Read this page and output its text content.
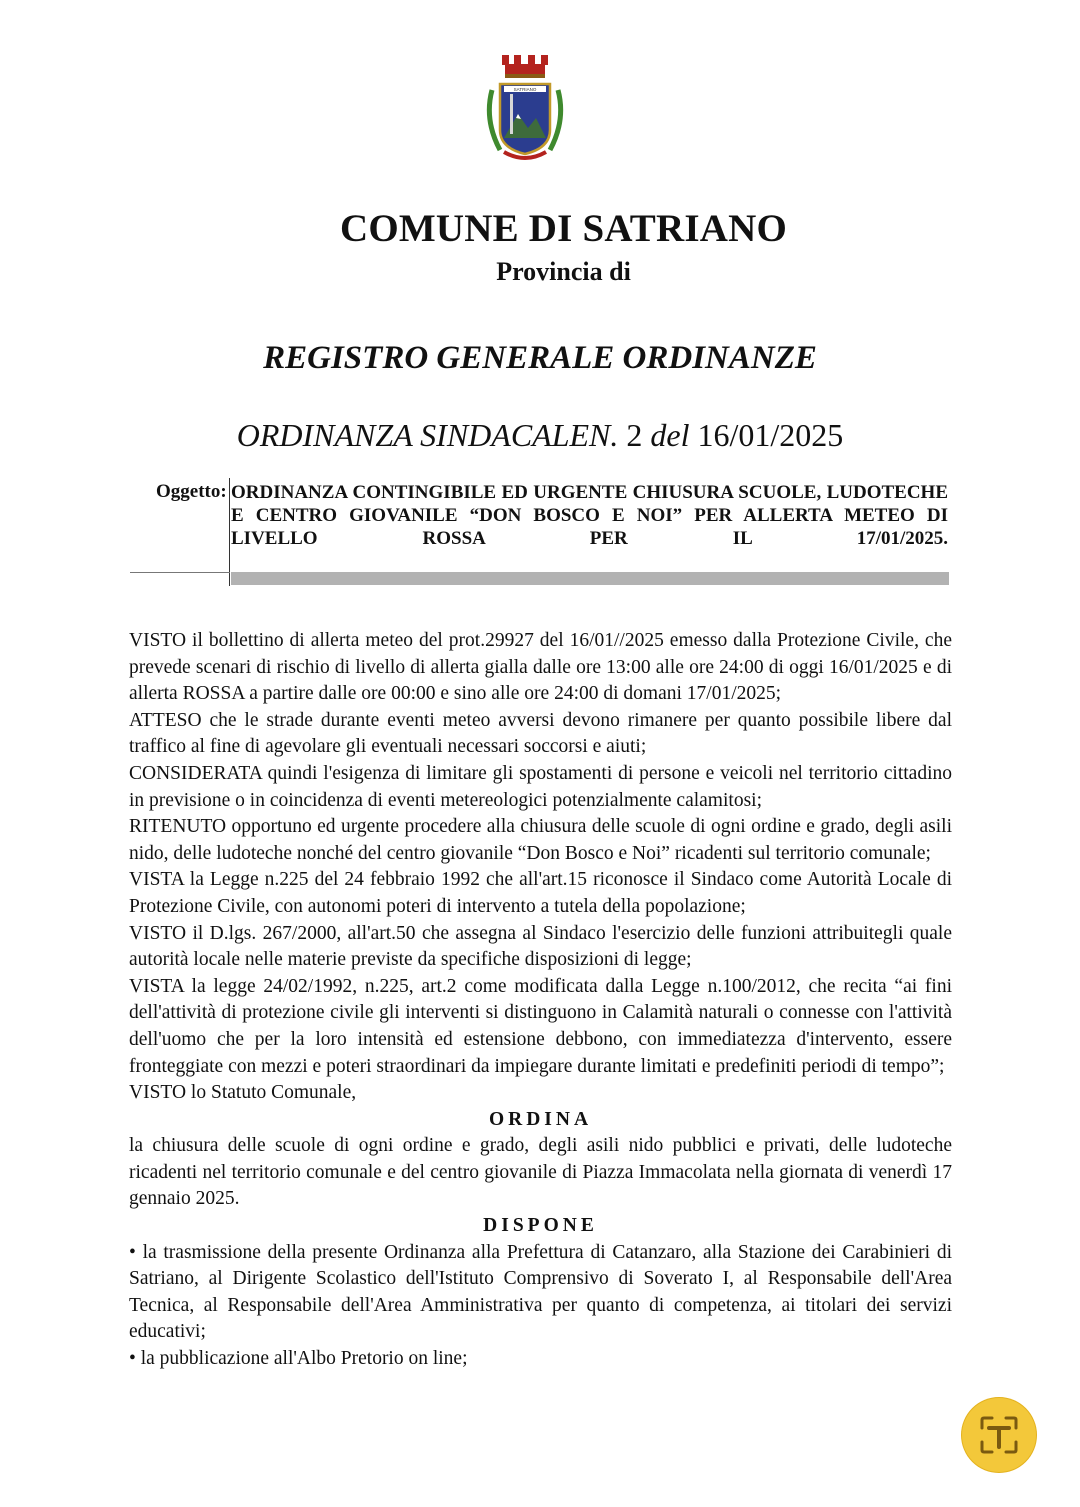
SATRIANO
COMUNE DI SATRIANO
Provincia di
REGISTRO GENERALE ORDINANZE
ORDINANZA SINDACALEN. 2 del 16/01/2025
Oggetto: ORDINANZA CONTINGIBILE ED URGENTE CHIUSURA SCUOLE, LUDOTECHE E CENTRO GIOVANILE “DON BOSCO E NOI” PER ALLERTA METEO DI LIVELLO ROSSA PER IL 17/01/2025.

VISTO il bollettino di allerta meteo del prot.29927 del 16/01//2025 emesso dalla Protezione Civile, che prevede scenari di rischio di livello di allerta gialla dalle ore 13:00 alle ore 24:00 di oggi 16/01/2025 e di allerta ROSSA a partire dalle ore 00:00 e sino alle ore 24:00 di domani 17/01/2025;

ATTESO che le strade durante eventi meteo avversi devono rimanere per quanto possibile libere dal traffico al fine di agevolare gli eventuali necessari soccorsi e aiuti;

CONSIDERATA quindi l'esigenza di limitare gli spostamenti di persone e veicoli nel territorio cittadino in previsione o in coincidenza di eventi metereologici potenzialmente calamitosi;

RITENUTO opportuno ed urgente procedere alla chiusura delle scuole di ogni ordine e grado, degli asili nido, delle ludoteche nonché del centro giovanile “Don Bosco e Noi” ricadenti sul territorio comunale;

VISTA la Legge n.225 del 24 febbraio 1992 che all'art.15 riconosce il Sindaco come Autorità Locale di Protezione Civile, con autonomi poteri di intervento a tutela della popolazione;

VISTO il D.lgs. 267/2000, all'art.50 che assegna al Sindaco l'esercizio delle funzioni attribuitegli quale autorità locale nelle materie previste da specifiche disposizioni di legge;

VISTA la legge 24/02/1992, n.225, art.2 come modificata dalla Legge n.100/2012, che recita “ai fini dell'attività di protezione civile gli interventi si distinguono in Calamità naturali o connesse con l'attività dell'uomo che per la loro intensità ed estensione debbono, con immediatezza d'intervento, essere fronteggiate con mezzi e poteri straordinari da impiegare durante limitati e predefiniti periodi di tempo”;

VISTO lo Statuto Comunale,

ORDINA

la chiusura delle scuole di ogni ordine e grado, degli asili nido pubblici e privati, delle ludoteche ricadenti nel territorio comunale e del centro giovanile di Piazza Immacolata nella giornata di venerdì 17 gennaio 2025.

DISPONE

• la trasmissione della presente Ordinanza alla Prefettura di Catanzaro, alla Stazione dei Carabinieri di Satriano, al Dirigente Scolastico dell'Istituto Comprensivo di Soverato I, al Responsabile dell'Area Tecnica, al Responsabile dell'Area Amministrativa per quanto di competenza, ai titolari dei servizi educativi;

• la pubblicazione all'Albo Pretorio on line;
